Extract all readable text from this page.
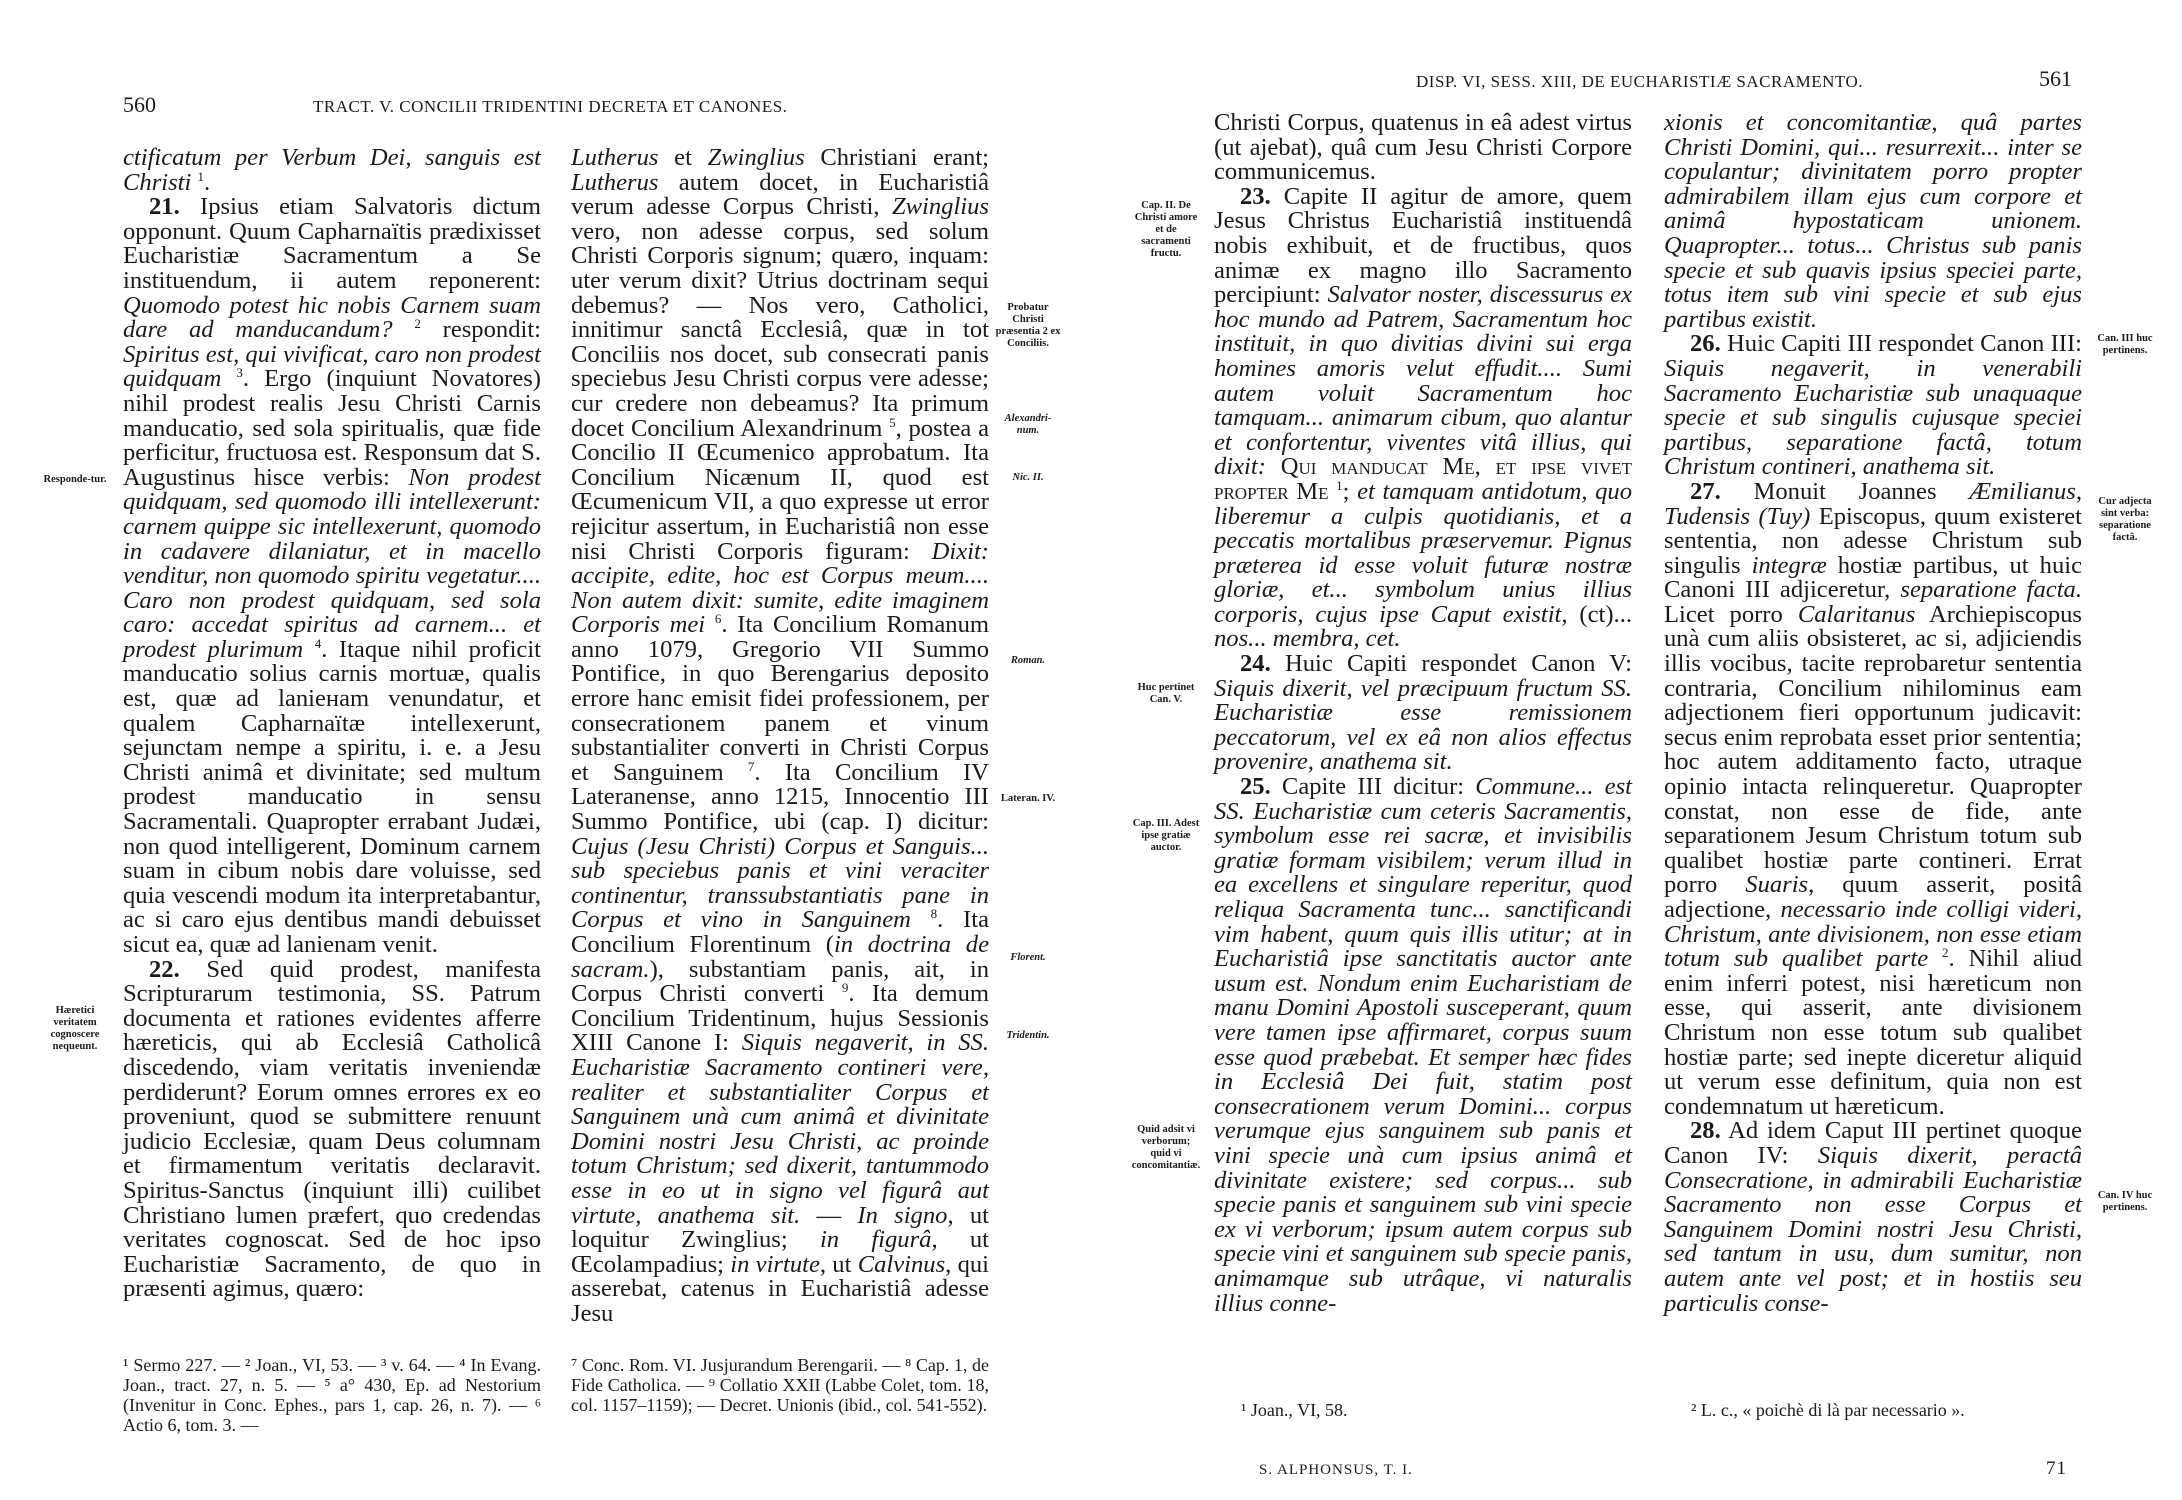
560	TRACT. V. CONCILII TRIDENTINI DECRETA ET CANONES.

ctificatum per Verbum Dei, sanguis est Christi $^1$.

21. Ipsius etiam Salvatoris dictum opponunt. Quum Capharnaïtis prædixisset Eucharistiæ Sacramentum a Se instituendum, ii autem reponerent: Quomodo potest hic nobis Carnem suam dare ad manducandum? $^2$ respondit: Spiritus est, qui vivificat, caro non prodest quidquam $^3$. Ergo (inquiunt Novatores) nihil prodest realis Jesu Christi Carnis manducatio, sed sola spiritualis, quæ fide perficitur, fructuosa est. Responsum dat S. Augustinus hisce verbis: Non prodest quidquam, sed quomodo illi intellexerunt: carnem quippe sic intellexerunt, quomodo in cadavere dilaniatur, et in macello venditur, non quomodo spiritu vegetatur.... Caro non prodest quidquam, sed sola caro: accedat spiritus ad carnem... et prodest plurimum $^4$. Itaque nihil proficit manducatio solius carnis mortuæ, qualis est, quæ ad laniенam venundatur, et qualem Capharnaïtæ intellexerunt, sejunctam nempe a spiritu, i. e. a Jesu Christi animâ et divinitate; sed multum prodest manducatio in sensu Sacramentali. Quapropter errabant Judæi, non quod intelligerent, Dominum carnem suam in cibum nobis dare voluisse, sed quia vescendi modum ita interpretabantur, ac si caro ejus dentibus mandi debuisset sicut ea, quæ ad lanienam venit.

22. Sed quid prodest, manifesta Scripturarum testimonia, SS. Patrum documenta et rationes evidentes afferre hæreticis, qui ab Ecclesiâ Catholicâ discedendo, viam veritatis inveniendæ perdiderunt? Eorum omnes errores ex eo proveniunt, quod se submittere renuunt judicio Ecclesiæ, quam Deus columnam et firmamentum veritatis declaravit. Spiritus-Sanctus (inquiunt illi) cuilibet Christiano lumen præfert, quo credendas veritates cognoscat. Sed de hoc ipso Eucharistiæ Sacramento, de quo in præsenti agimus, quæro:

Lutherus et Zwinglius Christiani erant; Lutherus autem docet, in Eucharistiâ verum adesse Corpus Christi, Zwinglius vero, non adesse corpus, sed solum Christi Corporis signum; quæro, inquam: uter verum dixit? Utrius doctrinam sequi debemus? — Nos vero, Catholici, innitimur sanctâ Ecclesiâ, quæ in tot Conciliis nos docet, sub consecrati panis speciebus Jesu Christi corpus vere adesse; cur credere non debeamus? Ita primum docet Concilium Alexandrinum $^5$, postea a Concilio II Œcumenico approbatum. Ita Concilium Nicænum II, quod est Œcumenicum VII, a quo expresse ut error rejicitur assertum, in Eucharistiâ non esse nisi Christi Corporis figuram: Dixit: accipite, edite, hoc est Corpus meum.... Non autem dixit: sumite, edite imaginem Corporis mei $^6$. Ita Concilium Romanum anno 1079, Gregorio VII Summo Pontifice, in quo Berengarius deposito errore hanc emisit fidei professionem, per consecrationem panem et vinum substantialiter converti in Christi Corpus et Sanguinem $^7$. Ita Concilium IV Lateranense, anno 1215, Innocentio III Summo Pontifice, ubi (cap. I) dicitur: Cujus (Jesu Christi) Corpus et Sanguis... sub speciebus panis et vini veraciter continentur, transsubstantiatis pane in Corpus et vino in Sanguinem $^8$. Ita Concilium Florentinum (in doctrina de sacram.), substantiam panis, ait, in Corpus Christi converti $^9$. Ita demum Concilium Tridentinum, hujus Sessionis XIII Canone I: Siquis negaverit, in SS. Eucharistiæ Sacramento contineri vere, realiter et substantialiter Corpus et Sanguinem unà cum animâ et divinitate Domini nostri Jesu Christi, ac proinde totum Christum; sed dixerit, tantummodo esse in eo ut in signo vel figurâ aut virtute, anathema sit. — In signo, ut loquitur Zwinglius; in figurâ, ut Œcolampadius; in virtute, ut Calvinus, qui asserebat, catenus in Eucharistiâ adesse Jesu

Responde-tur.
Hæretici veritatem cognoscere nequeunt.
Probatur Christi præsentia 2 ex Conciliis.
Alexandri-num.
Nic. II.
Roman.
Lateran. IV.
Florent.
Tridentin.
¹ Sermo 227. — ² Joan., VI, 53. — ³ v. 64. — ⁴ In Evang. Joan., tract. 27, n. 5. — ⁵ a° 430, Ep. ad Nestorium (Invenitur in Conc. Ephes., pars 1, cap. 26, n. 7). — ⁶ Actio 6, tom. 3. —
⁷ Conc. Rom. VI. Jusjurandum Berengarii. — ⁸ Cap. 1, de Fide Catholica. — ⁹ Collatio XXII (Labbe Colet, tom. 18, col. 1157–1159); — Decret. Unionis (ibid., col. 541-552).
DISP. VI, SESS. XIII, DE EUCHARISTIÆ SACRAMENTO.	561

Christi Corpus, quatenus in eâ adest virtus (ut ajebat), quâ cum Jesu Christi Corpore communicemus.

23. Capite II agitur de amore, quem Jesus Christus Eucharistiâ instituendâ nobis exhibuit, et de fructibus, quos animæ ex magno illo Sacramento percipiunt: Salvator noster, discessurus ex hoc mundo ad Patrem, Sacramentum hoc instituit, in quo divitias divini sui erga homines amoris velut effudit.... Sumi autem voluit Sacramentum hoc tamquam... animarum cibum, quo alantur et confortentur, viventes vitâ illius, qui dixit: Qui manducat Me, et ipse vivet propter Me $^1$; et tamquam antidotum, quo liberemur a culpis quotidianis, et a peccatis mortalibus præservemur. Pignus præterea id esse voluit futuræ nostræ gloriæ, et... symbolum unius illius corporis, cujus ipse Caput existit, (ct)... nos... membra, cet.

24. Huic Capiti respondet Canon V: Siquis dixerit, vel præcipuum fructum SS. Eucharistiæ esse remissionem peccatorum, vel ex eâ non alios effectus provenire, anathema sit.

25. Capite III dicitur: Commune... est SS. Eucharistiæ cum ceteris Sacramentis, symbolum esse rei sacræ, et invisibilis gratiæ formam visibilem; verum illud in ea excellens et singulare reperitur, quod reliqua Sacramenta tunc... sanctificandi vim habent, quum quis illis utitur; at in Eucharistiâ ipse sanctitatis auctor ante usum est. Nondum enim Eucharistiam de manu Domini Apostoli susceperant, quum vere tamen ipse affirmaret, corpus suum esse quod præbebat. Et semper hæc fides in Ecclesiâ Dei fuit, statim post consecrationem verum Domini... corpus verumque ejus sanguinem sub panis et vini specie unà cum ipsius animâ et divinitate existere; sed corpus... sub specie panis et sanguinem sub vini specie ex vi verborum; ipsum autem corpus sub specie vini et sanguinem sub specie panis, animamque sub utrâque, vi naturalis illius conne-

xionis et concomitantiæ, quâ partes Christi Domini, qui... resurrexit... inter se copulantur; divinitatem porro propter admirabilem illam ejus cum corpore et animâ hypostaticam unionem. Quapropter... totus... Christus sub panis specie et sub quavis ipsius speciei parte, totus item sub vini specie et sub ejus partibus existit.

26. Huic Capiti III respondet Canon III: Siquis negaverit, in venerabili Sacramento Eucharistiæ sub unaquaque specie et sub singulis cujusque speciei partibus, separatione factâ, totum Christum contineri, anathema sit.

27. Monuit Joannes Æmilianus, Tudensis (Tuy) Episcopus, quum existeret sententia, non adesse Christum sub singulis integræ hostiæ partibus, ut huic Canoni III adjiceretur, separatione facta. Licet porro Calaritanus Archiepiscopus unà cum aliis obsisteret, ac si, adjiciendis illis vocibus, tacite reprobaretur sententia contraria, Concilium nihilominus eam adjectionem fieri opportunum judicavit: secus enim reprobata esset prior sententia; hoc autem additamento facto, utraque opinio intacta relinquеretur. Quapropter constat, non esse de fide, ante separationem Jesum Christum totum sub qualibet hostiæ parte contineri. Errat porro Suaris, quum asserit, positâ adjectione, necessario inde colligi videri, Christum, ante divisionem, non esse etiam totum sub qualibet parte $^2$. Nihil aliud enim inferri potest, nisi hæreticum non esse, qui asserit, ante divisionem Christum non esse totum sub qualibet hostiæ parte; sed inepte diceretur aliquid ut verum esse definitum, quia non est condemnatum ut hæreticum.

28. Ad idem Caput III pertinet quoque Canon IV: Siquis dixerit, peractâ Consecratione, in admirabili Eucharistiæ Sacramento non esse Corpus et Sanguinem Domini nostri Jesu Christi, sed tantum in usu, dum sumitur, non autem ante vel post; et in hostiis seu particulis conse-

Cap. II. De Christi amore et de sacramenti fructu.
Huc pertinet Can. V.
Cap. III. Adest ipse gratiæ auctor.
Quid adsit vi verborum; quid vi concomitantiæ.
Can. III huc pertinens.
Cur adjecta sint verba: separatione factâ.
Can. IV huc pertinens.
¹ Joan., VI, 58.	² L. c., « poichè di là par necessario ».
S. ALPHONSUS, T. I.	71
